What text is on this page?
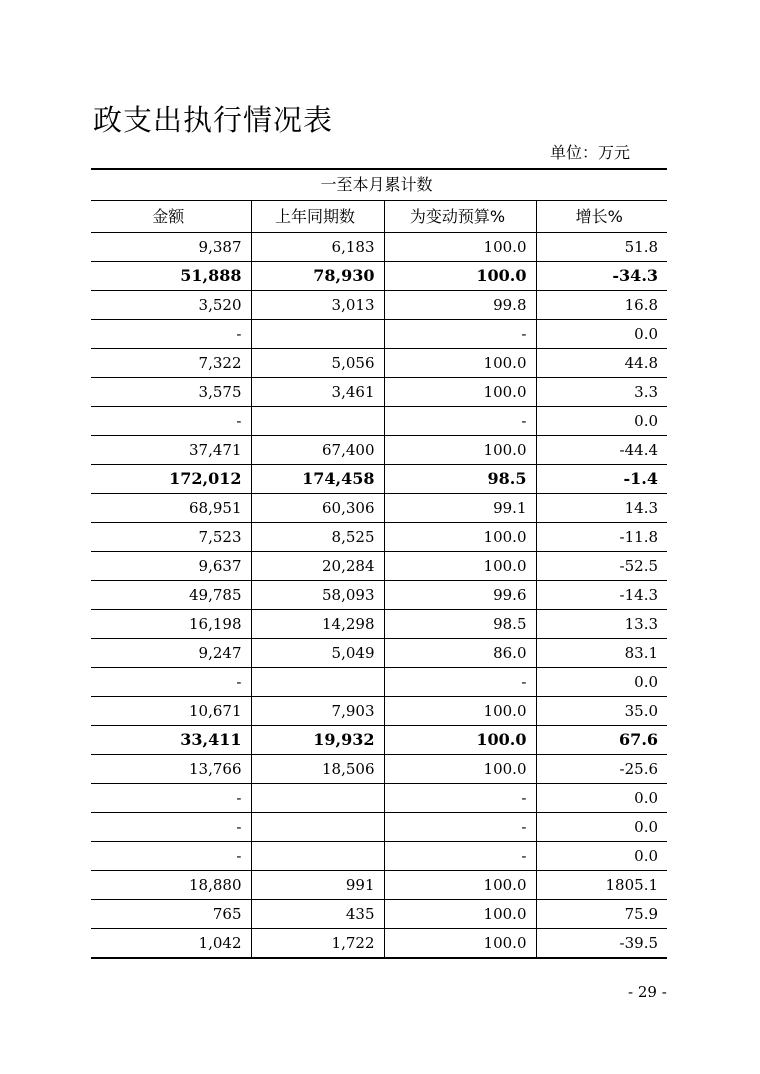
政支出执行情况表
单位：万元
一至本月累计数			
金额	上年同期数	为变动预算%	增长%
9,387	6,183	100.0	51.8
51,888	78,930	100.0	-34.3
3,520	3,013	99.8	16.8
-		-	0.0
7,322	5,056	100.0	44.8
3,575	3,461	100.0	3.3
-		-	0.0
37,471	67,400	100.0	-44.4
172,012	174,458	98.5	-1.4
68,951	60,306	99.1	14.3
7,523	8,525	100.0	-11.8
9,637	20,284	100.0	-52.5
49,785	58,093	99.6	-14.3
16,198	14,298	98.5	13.3
9,247	5,049	86.0	83.1
-		-	0.0
10,671	7,903	100.0	35.0
33,411	19,932	100.0	67.6
13,766	18,506	100.0	-25.6
-		-	0.0
-		-	0.0
-		-	0.0
18,880	991	100.0	1805.1
765	435	100.0	75.9
1,042	1,722	100.0	-39.5
- 29 -
